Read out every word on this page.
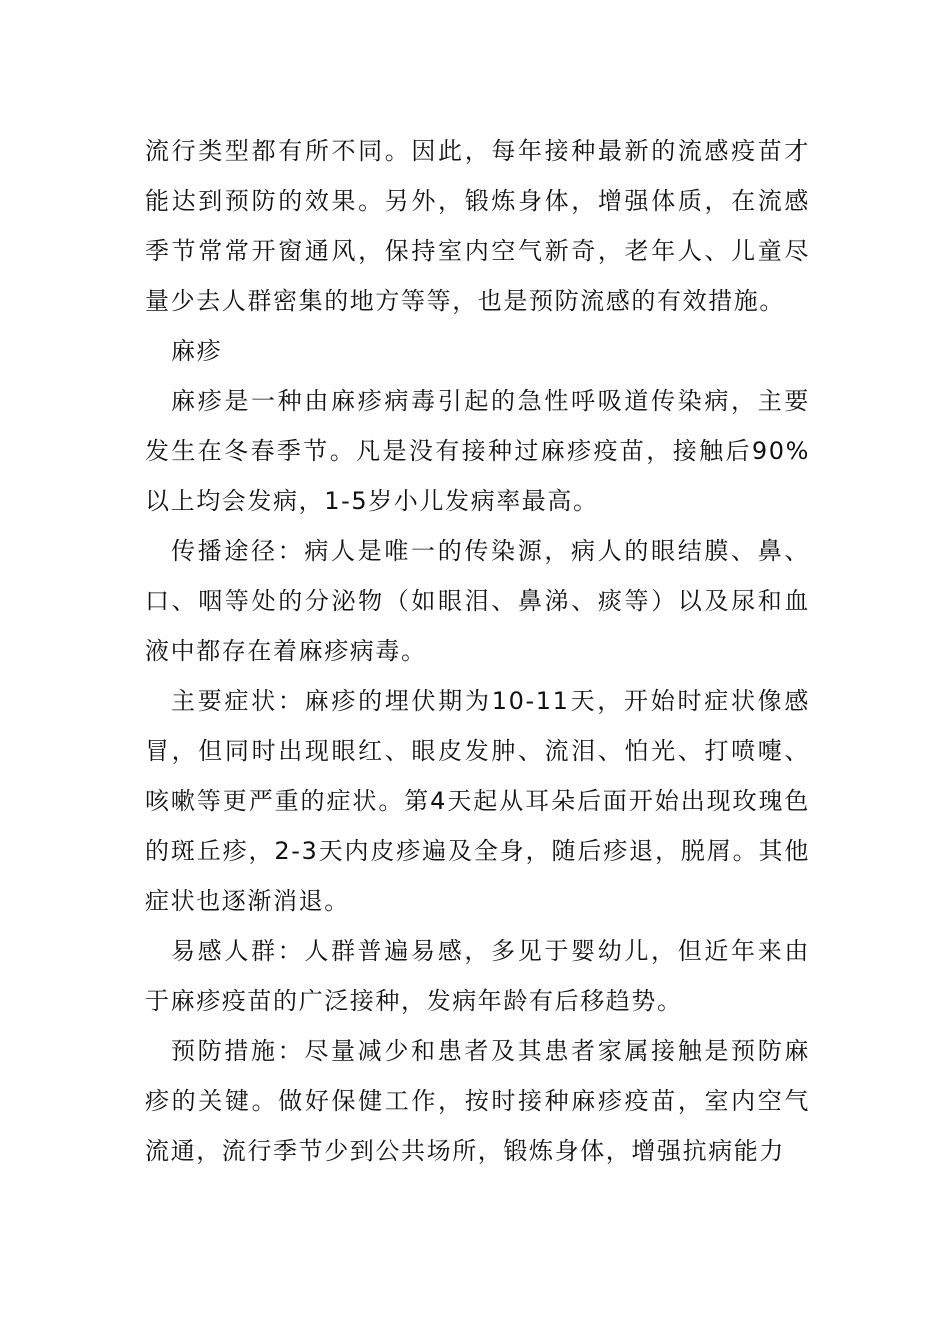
流行类型都有所不同。因此，每年接种最新的流感疫苗才能达到预防的效果。另外，锻炼身体，增强体质，在流感季节常常开窗通风，保持室内空气新奇，老年人、儿童尽量少去人群密集的地方等等，也是预防流感的有效措施。

麻疹

麻疹是一种由麻疹病毒引起的急性呼吸道传染病，主要发生在冬春季节。凡是没有接种过麻疹疫苗，接触后90%以上均会发病，1-5岁小儿发病率最高。

传播途径：病人是唯一的传染源，病人的眼结膜、鼻、口、咽等处的分泌物（如眼泪、鼻涕、痰等）以及尿和血液中都存在着麻疹病毒。

主要症状：麻疹的埋伏期为10-11天，开始时症状像感冒，但同时出现眼红、眼皮发肿、流泪、怕光、打喷嚏、咳嗽等更严重的症状。第4天起从耳朵后面开始出现玫瑰色的斑丘疹，2-3天内皮疹遍及全身，随后疹退，脱屑。其他症状也逐渐消退。

易感人群：人群普遍易感，多见于婴幼儿，但近年来由于麻疹疫苗的广泛接种，发病年龄有后移趋势。

预防措施：尽量减少和患者及其患者家属接触是预防麻疹的关键。做好保健工作，按时接种麻疹疫苗，室内空气流通，流行季节少到公共场所，锻炼身体，增强抗病能力
